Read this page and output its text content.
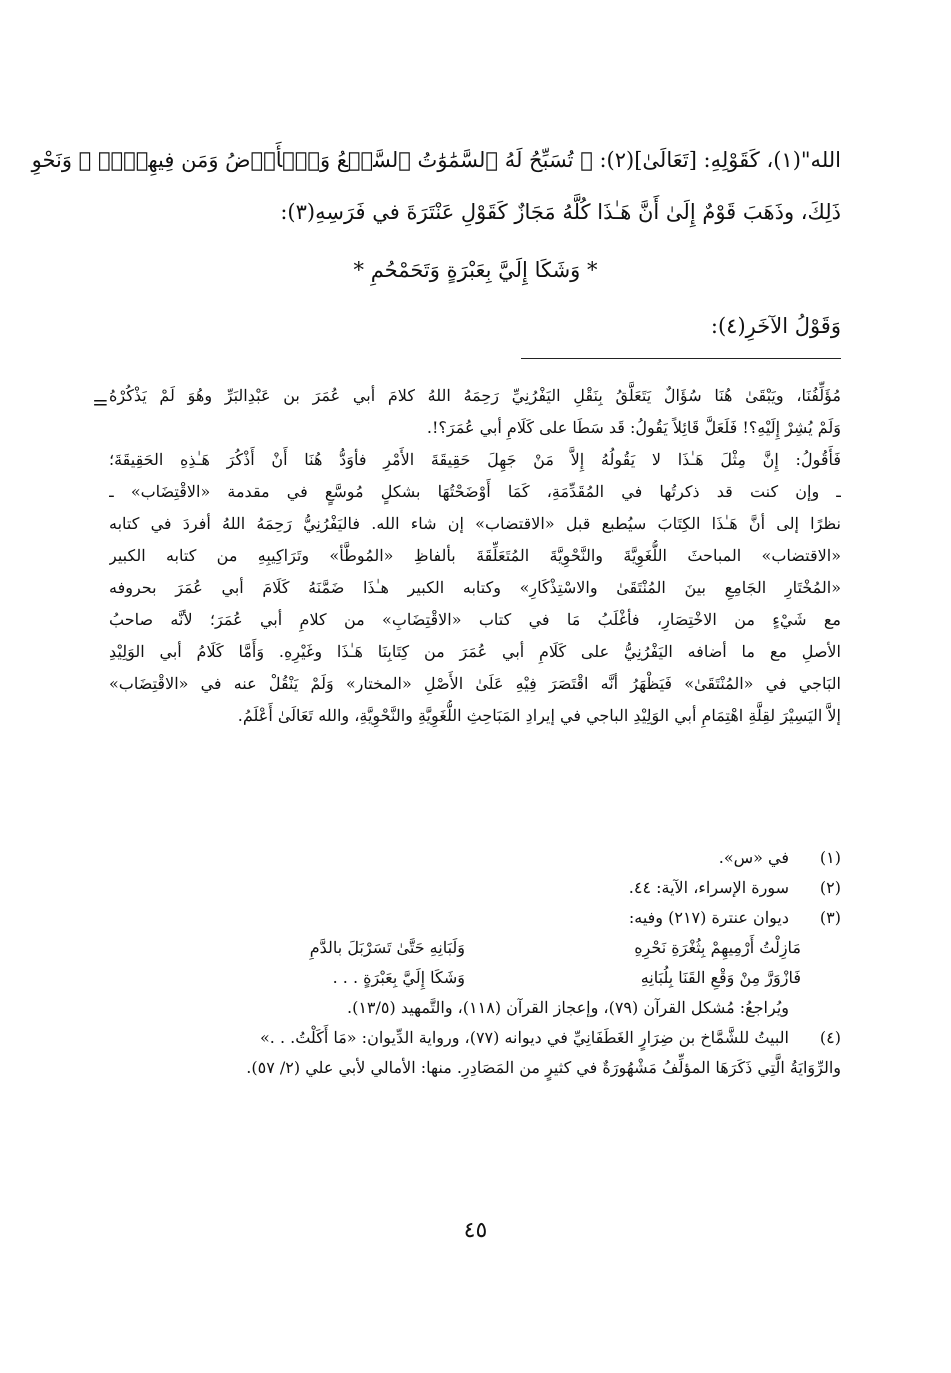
الله"(١)، كَقَوْلِهِ: [تَعَالَىٰ](٢): ﴿ تُسَبِّحُ لَهُ ٱلسَّمَٰوَٰتُ ٱلسَّبۡعُ وَٱلۡأَرۡضُ وَمَن فِيهِنَّۚ ﴾ وَنَحْوِ
ذَلِكَ، وذَهَبَ قَوْمٌ إِلَىٰ أَنَّ هَـٰذَا كُلَّهُ مَجَازٌ كَقَوْلِ عَنْتَرَةَ في فَرَسِهِ(٣):
* وَشَكَا إِلَيَّ بِعَبْرَةٍ وَتَحَمْحُمِ *
وَقَوْلُ الآخَرِ(٤):
= مُؤَلِّفُنَا، ويَبْقَىٰ هُنَا سُؤَالٌ يَتَعَلَّقُ بِنَقْلِ اليَفْرُنِيِّ رَحِمَهُ اللهُ كلامَ أبي عُمَرَ بن عَبْدِالبَرِّ وهُوَ لَمْ يَذْكُرْهُ
وَلَمْ يُشِرْ إِلَيْهِ؟! فَلَعَلَّ قَائِلاً يَقُولُ: قَد سَطَا على كَلَامِ أبي عُمَرَ؟!.
فَأَقُولُ: إِنَّ مِثْلَ هَـٰذَا لا يَقُولُهُ إِلاَّ مَنْ جَهِلَ حَقِيقَةَ الأَمْرِ فأوَدُّ هُنَا أَنْ أَذْكُرَ هَـٰذِهِ الحَقِيقَةَ؛
ـ وإن كنت قد ذكرتُها في المُقَدِّمَةِ، كَمَا أَوْضَحْتُهَا بشكلٍ مُوسَّعٍ في مقدمة «الاقْتِضَاب» ـ
نظرًا إلى أنَّ هَـٰذَا الكِتَابَ سيُطبع قبل «الاقتضاب» إن شاء الله. فاليَفْرُنِيُّ رَحِمَهُ اللهُ أفردَ في كتابه
«الاقتضاب» المباحثَ اللُّغَوِيَّةَ والنَّحْوِيَّةَ المُتَعَلِّقَةَ بألفاظِ «المُوطَّأ» وتَرَاكِيبِهِ من كتابه الكبير
«المُخْتَارِ الجَامِعِ بينَ المُنْتَقَىٰ والاسْتِذْكَارِ» وكتابه الكبير هـٰذَا ضَمَّنَهُ كَلَامَ أبي عُمَرَ بحروفه
مع شَيْءٍ من الاخْتِصَارِ، فأغْلَبُ مَا في كتاب «الاقْتِضَابِ» من كلامِ أبي عُمَرَ؛ لأنَّه صاحبُ
الأصلِ مع ما أضافه اليَفْرُنِيُّ على كَلَامِ أبي عُمَرَ من كِتَابِنَا هَـٰذَا وغَيْرِهِ. وَأَمَّا كَلَامُ أبي الوَلِيْدِ
البَاجي في «المُنْتَقَىٰ» فَيَظْهَرُ أنَّه اقْتَصَرَ فِيْهِ عَلَىٰ الأَصْلِ «المختار» وَلَمْ يَنْقُلْ عنه في «الاقْتِضَاب»
إلاَّ اليَسِيْرَ لقِلَّةِ اهْتِمَامِ أبي الوَلِيْدِ الباجي في إيرادِ المَبَاحِثِ اللُّغَوِيَّةِ والنَّحْوِيَّةِ، والله تَعَالَىٰ أَعْلَمُ.
(١)
في «س».
(٢)
سورة الإسراء، الآية: ٤٤.
(٣)
ديوان عنترة (٢١٧) وفيه:
مَازِلْتُ أَرْمِيهِمْ بِثُغْرَةِ نَحْرِهِ
وَلَبَانِهِ حَتَّىٰ تَسَرْبَلَ بالدَّمِ
فَازْوَرَّ مِنْ وَقْعِ القَنَا بِلُبَانِهِ
وَشَكَا إِلَيَّ بِعَبْرَةٍ . . .
ويُراجعُ: مُشكل القرآن (٧٩)، وإعجاز القرآن (١١٨)، والتَّمهيد (١٣/٥).
(٤)
البيتُ للشَّمَّاخ بن ضِرَارٍ الغَطَفَانِيِّ في ديوانه (٧٧)، ورواية الدِّيوان: «مَا أَكَلْتُ. . .»
والرِّوَايَةُ الَّتِي ذَكَرَهَا المؤلِّفُ مَشْهُورَةٌ في كثيرٍ من المَصَادِرِ. منها: الأمالي لأبي علي (٢/ ٥٧).
٤٥
